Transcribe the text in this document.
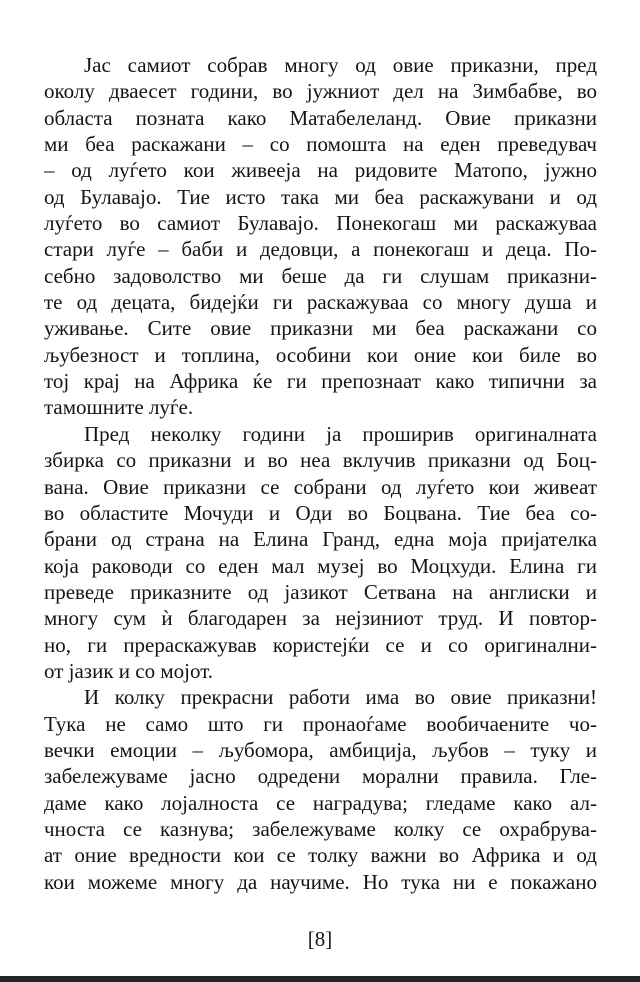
Јас самиот собрав многу од овие приказни, пред
околу дваесет години, во јужниот дел на Зимбабве, во
областа позната како Матабелеланд. Овие приказни
ми беа раскажани – со помошта на еден преведувач
– од луѓето кои живееја на ридовите Матопо, јужно
од Булавајо. Тие исто така ми беа раскажувани и од
луѓето во самиот Булавајо. Понекогаш ми раскажуваа
стари луѓе – баби и дедовци, а понекогаш и деца. По-
себно задоволство ми беше да ги слушам приказни-
те од децата, бидејќи ги раскажуваа со многу душа и
уживање. Сите овие приказни ми беа раскажани со
љубезност и топлина, особини кои оние кои биле во
тој крај на Африка ќе ги препознаат како типични за
тамошните луѓе.
Пред неколку години ја проширив оригиналната
збирка со приказни и во неа вклучив приказни од Боц-
вана. Овие приказни се собрани од луѓето кои живеат
во областите Мочуди и Оди во Боцвана. Тие беа со-
брани од страна на Елина Гранд, една моја пријателка
која раководи со еден мал музеј во Моцхуди. Елина ги
преведе приказните од јазикот Сетвана на англиски и
многу сум ѝ благодарен за нејзиниот труд. И повтор-
но, ги прераскажував користејќи се и со оригинални-
от јазик и со мојот.
И колку прекрасни работи има во овие приказни!
Тука не само што ги пронаоѓаме вообичаените чо-
вечки емоции – љубомора, амбиција, љубов – туку и
забележуваме јасно одредени морални правила. Гле-
даме како лојалноста се наградува; гледаме како ал-
чноста се казнува; забележуваме колку се охрабрува-
ат оние вредности кои се толку важни во Африка и од
кои можеме многу да научиме. Но тука ни е покажано
[8]
